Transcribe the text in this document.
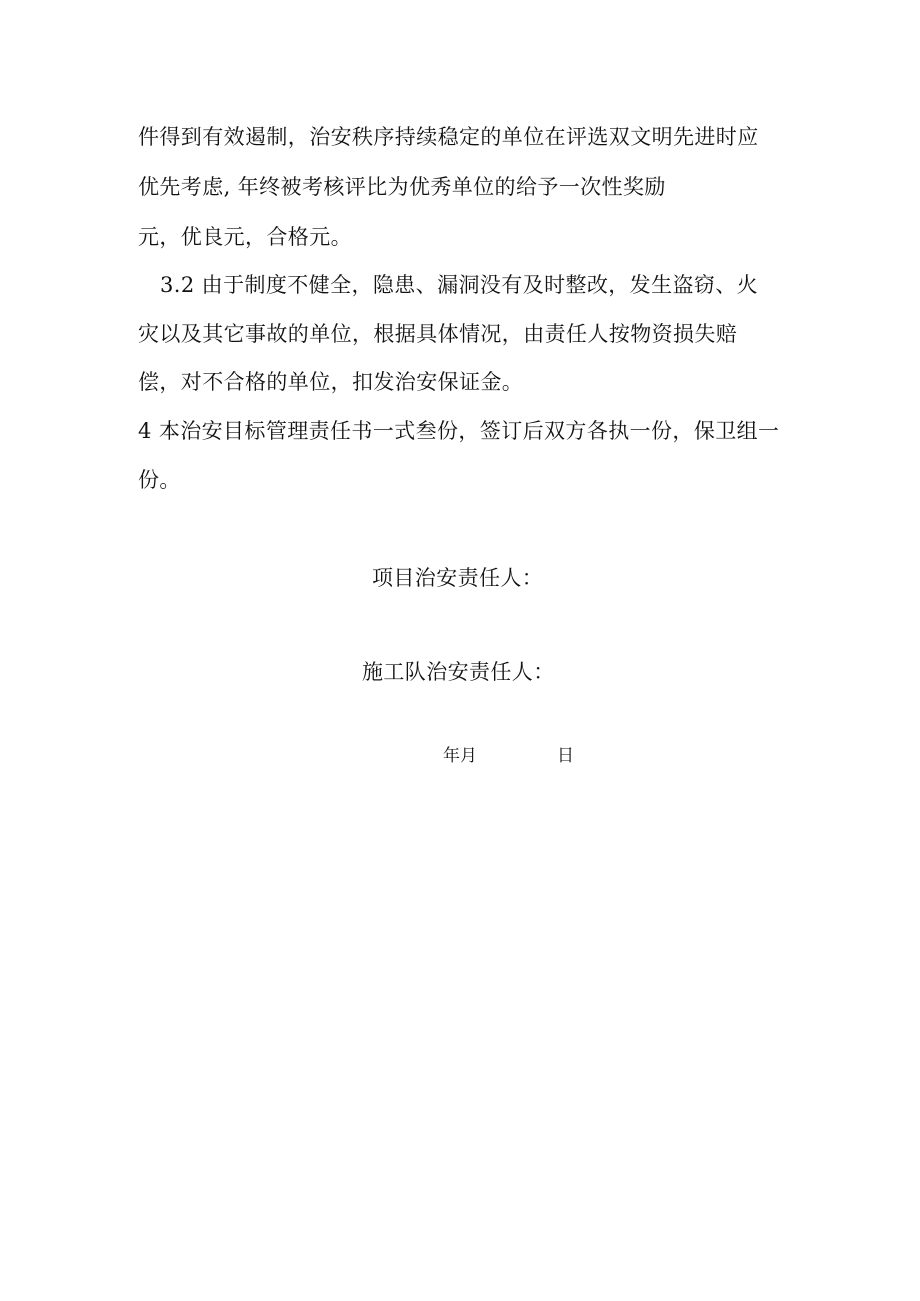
件得到有效遏制，治安秩序持续稳定的单位在评选双文明先进时应
优先考虑, 年终被考核评比为优秀单位的给予一次性奖励
元，优良元，合格元。
3.2 由于制度不健全，隐患、漏洞没有及时整改，发生盗窃、火
灾以及其它事故的单位，根据具体情况，由责任人按物资损失赔
偿，对不合格的单位，扣发治安保证金。
4 本治安目标管理责任书一式叁份，签订后双方各执一份，保卫组一
份。
项目治安责任人：
施工队治安责任人：
年月	日
